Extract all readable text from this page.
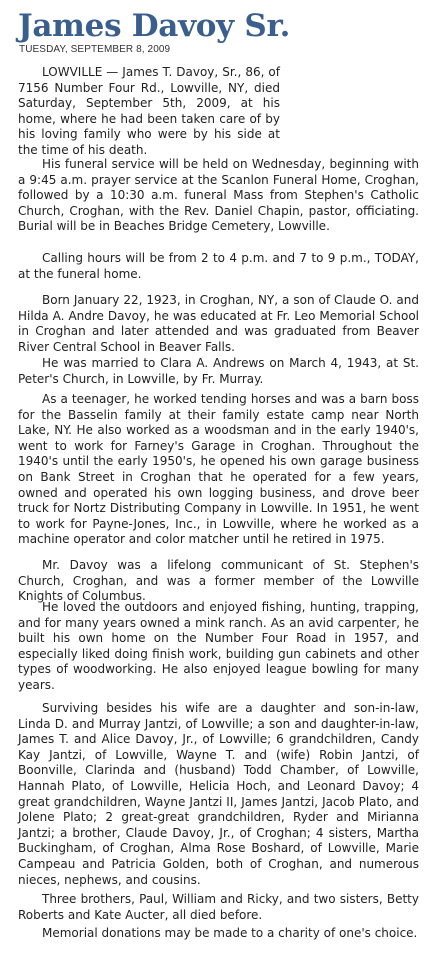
James Davoy Sr.
TUESDAY, SEPTEMBER 8, 2009

LOWVILLE — James T. Davoy, Sr., 86, of 7156 Number Four Rd., Lowville, NY, died Saturday, September 5th, 2009, at his home, where he had been taken care of by his loving family who were by his side at the time of his death.

His funeral service will be held on Wednesday, beginning with a 9:45 a.m. prayer service at the Scanlon Funeral Home, Croghan, followed by a 10:30 a.m. funeral Mass from Stephen's Catholic Church, Croghan, with the Rev. Daniel Chapin, pastor, officiating. Burial will be in Beaches Bridge Cemetery, Lowville.

Calling hours will be from 2 to 4 p.m. and 7 to 9 p.m., TODAY, at the funeral home.

Born January 22, 1923, in Croghan, NY, a son of Claude O. and Hilda A. Andre Davoy, he was educated at Fr. Leo Memorial School in Croghan and later attended and was graduated from Beaver River Central School in Beaver Falls.

He was married to Clara A. Andrews on March 4, 1943, at St. Peter's Church, in Lowville, by Fr. Murray.

As a teenager, he worked tending horses and was a barn boss for the Basselin family at their family estate camp near North Lake, NY. He also worked as a woodsman and in the early 1940's, went to work for Farney's Garage in Croghan. Throughout the 1940's until the early 1950's, he opened his own garage business on Bank Street in Croghan that he operated for a few years, owned and operated his own logging business, and drove beer truck for Nortz Distributing Company in Lowville. In 1951, he went to work for Payne-Jones, Inc., in Lowville, where he worked as a machine operator and color matcher until he retired in 1975.

Mr. Davoy was a lifelong communicant of St. Stephen's Church, Croghan, and was a former member of the Lowville Knights of Columbus.

He loved the outdoors and enjoyed fishing, hunting, trapping, and for many years owned a mink ranch. As an avid carpenter, he built his own home on the Number Four Road in 1957, and especially liked doing finish work, building gun cabinets and other types of woodworking. He also enjoyed league bowling for many years.

Surviving besides his wife are a daughter and son-in-law, Linda D. and Murray Jantzi, of Lowville; a son and daughter-in-law, James T. and Alice Davoy, Jr., of Lowville; 6 grandchildren, Candy Kay Jantzi, of Lowville, Wayne T. and (wife) Robin Jantzi, of Boonville, Clarinda and (husband) Todd Chamber, of Lowville, Hannah Plato, of Lowville, Helicia Hoch, and Leonard Davoy; 4 great grandchildren, Wayne Jantzi II, James Jantzi, Jacob Plato, and Jolene Plato; 2 great-great grandchildren, Ryder and Mirianna Jantzi; a brother, Claude Davoy, Jr., of Croghan; 4 sisters, Martha Buckingham, of Croghan, Alma Rose Boshard, of Lowville, Marie Campeau and Patricia Golden, both of Croghan, and numerous nieces, nephews, and cousins.

Three brothers, Paul, William and Ricky, and two sisters, Betty Roberts and Kate Aucter, all died before.

Memorial donations may be made to a charity of one's choice.
